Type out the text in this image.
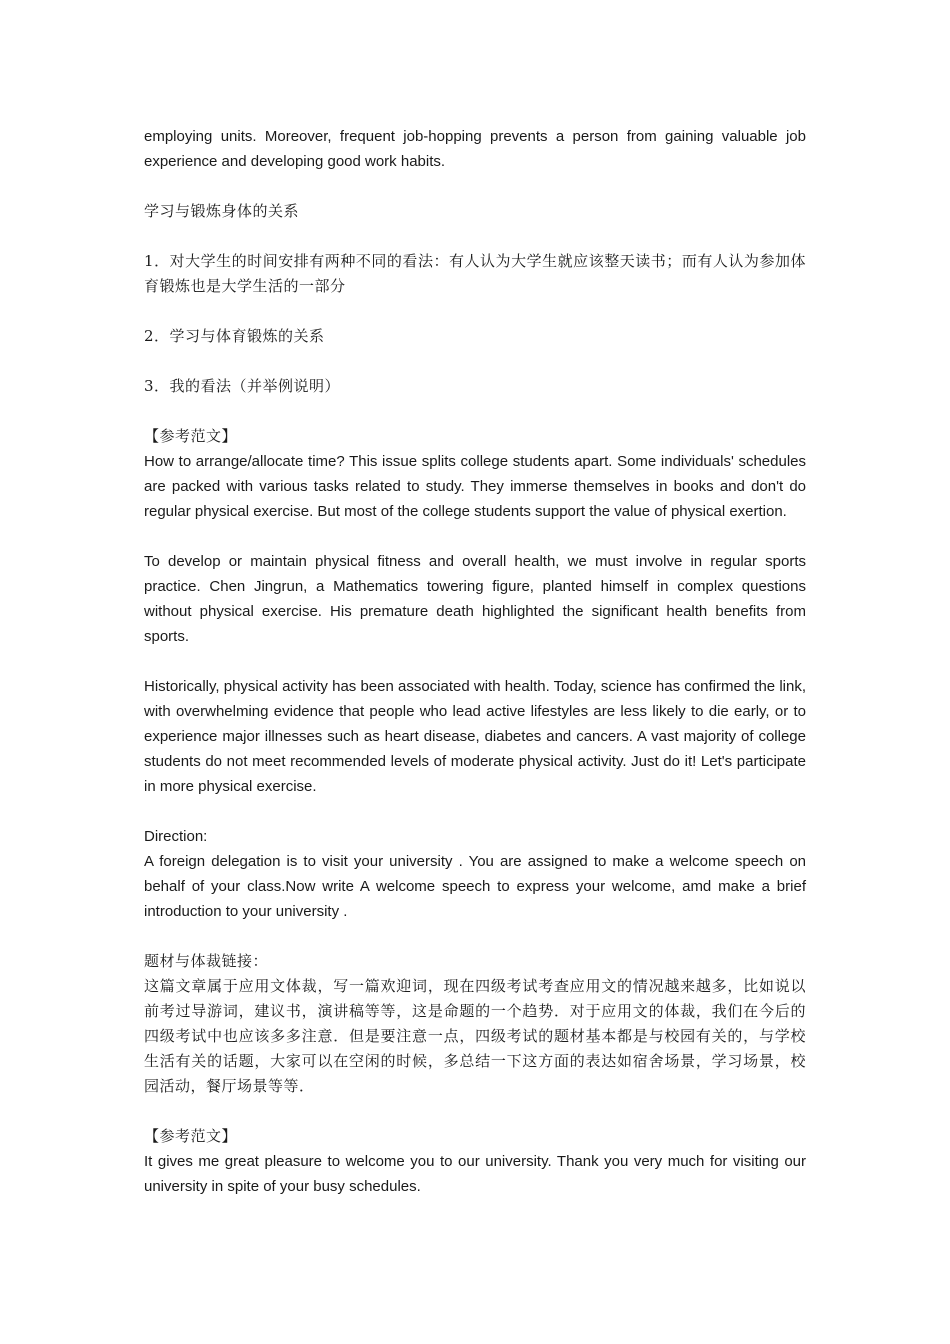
employing units. Moreover, frequent job-hopping prevents a person from gaining valuable job experience and developing good work habits.

学习与锻炼身体的关系

1．对大学生的时间安排有两种不同的看法：有人认为大学生就应该整天读书；而有人认为参加体育锻炼也是大学生活的一部分

2．学习与体育锻炼的关系

3．我的看法（并举例说明）

【参考范文】

How to arrange/allocate time? This issue splits college students apart. Some individuals' schedules are packed with various tasks related to study. They immerse themselves in books and don't do regular physical exercise. But most of the college students support the value of physical exertion.

To develop or maintain physical fitness and overall health, we must involve in regular sports practice. Chen Jingrun, a Mathematics towering figure, planted himself in complex questions without physical exercise. His premature death highlighted the significant health benefits from sports.

Historically, physical activity has been associated with health. Today, science has confirmed the link, with overwhelming evidence that people who lead active lifestyles are less likely to die early, or to experience major illnesses such as heart disease, diabetes and cancers. A vast majority of college students do not meet recommended levels of moderate physical activity. Just do it! Let's participate in more physical exercise.

Direction:

A foreign delegation is to visit your university . You are assigned to make a welcome speech on behalf of your class.Now write A welcome speech to express your welcome, amd make a brief introduction to your university .

题材与体裁链接：

这篇文章属于应用文体裁，写一篇欢迎词，现在四级考试考查应用文的情况越来越多，比如说以前考过导游词，建议书，演讲稿等等，这是命题的一个趋势．对于应用文的体裁，我们在今后的四级考试中也应该多多注意．但是要注意一点，四级考试的题材基本都是与校园有关的，与学校生活有关的话题，大家可以在空闲的时候，多总结一下这方面的表达如宿舍场景，学习场景，校园活动，餐厅场景等等．

【参考范文】

It gives me great pleasure to welcome you to our university. Thank you very much for visiting our university in spite of your busy schedules.
